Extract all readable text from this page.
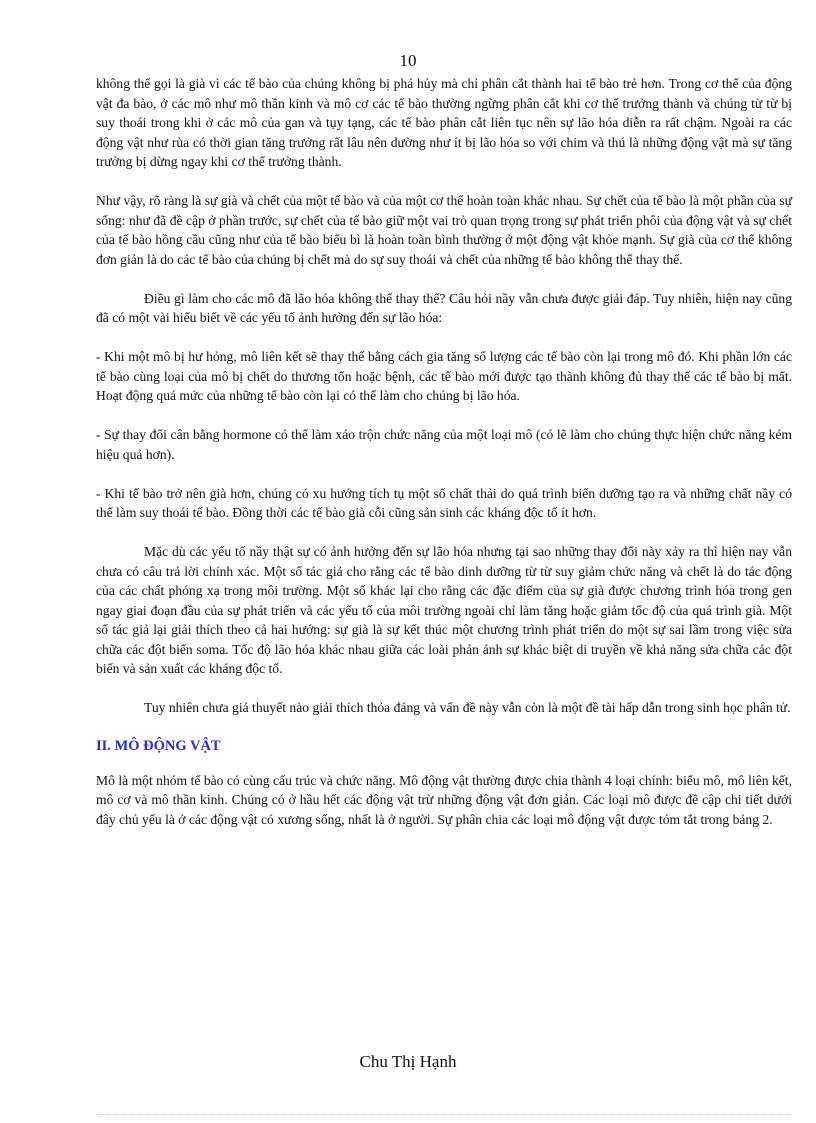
10

không thể gọi là già vì các tế bào của chúng không bị phá hủy mà chỉ phân cắt thành hai tế bào trẻ hơn. Trong cơ thể của động vật đa bào, ở các mô như mô thần kinh và mô cơ các tế bào thường ngừng phân cắt khi cơ thể trưởng thành và chúng từ từ bị suy thoái trong khi ở các mô của gan và tụy tạng, các tế bào phân cắt liên tục nên sự lão hóa diễn ra rất chậm. Ngoài ra các động vật như rùa có thời gian tăng trưởng rất lâu nên dường như ít bị lão hóa so với chim và thú là những động vật mà sự tăng trưởng bị dừng ngay khi cơ thể trưởng thành.

Như vậy, rõ ràng là sự già và chết của một tế bào và của một cơ thể hoàn toàn khác nhau. Sự chết của tế bào là một phần của sự sống: như đã đề cập ở phần trước, sự chết của tế bào giữ một vai trò quan trọng trong sự phát triển phôi của động vật và sự chết của tế bào hồng cầu cũng như của tế bào biểu bì là hoàn toàn bình thường ở một động vật khỏe mạnh. Sự già của cơ thể không đơn giản là do các tế bào của chúng bị chết mà do sự suy thoái và chết của những tế bào không thể thay thế.

Điều gì làm cho các mô đã lão hóa không thể thay thế? Câu hỏi nầy vẫn chưa được giải đáp. Tuy nhiên, hiện nay cũng đã có một vài hiểu biết về các yếu tố ảnh hưởng đến sự lão hóa:

- Khi một mô bị hư hỏng, mô liên kết sẽ thay thế bằng cách gia tăng số lượng các tế bào còn lại trong mô đó. Khi phần lớn các tế bào cùng loại của mô bị chết do thương tổn hoặc bệnh, các tế bào mới được tạo thành không đủ thay thế các tế bào bị mất. Hoạt động quá mức của những tế bào còn lại có thể làm cho chúng bị lão hóa.

- Sự thay đổi cân bằng hormone có thể làm xáo trộn chức năng của một loại mô (có lẽ làm cho chúng thực hiện chức năng kém hiệu quả hơn).

- Khi tế bào trở nên già hơn, chúng có xu hướng tích tụ một số chất thải do quá trình biến dưỡng tạo ra và những chất nầy có thể làm suy thoái tế bào. Đồng thời các tế bào già cỗi cũng sản sinh các kháng độc tố ít hơn.

Mặc dù các yếu tố nầy thật sự có ảnh hưởng đến sự lão hóa nhưng tại sao những thay đổi này xảy ra thì hiện nay vẫn chưa có câu trả lời chính xác. Một số tác giả cho rằng các tế bào dinh dưỡng từ từ suy giảm chức năng và chết là do tác động của các chất phóng xạ trong môi trường. Một số khác lại cho rằng các đặc điểm của sự già được chương trình hóa trong gen ngay giai đoạn đầu của sự phát triển và các yếu tố của môi trường ngoài chỉ làm tăng hoặc giảm tốc độ của quá trình già. Một số tác giả lại giải thích theo cả hai hướng: sự già là sự kết thúc một chương trình phát triển do một sự sai lầm trong việc sửa chữa các đột biến soma. Tốc độ lão hóa khác nhau giữa các loài phản ánh sự khác biệt di truyền về khả năng sửa chữa các đột biến và sản xuất các kháng độc tố.

Tuy nhiên chưa giả thuyết nào giải thích thỏa đáng và vấn đề này vẫn còn là một đề tài hấp dẫn trong sinh học phân tử.

II. MÔ ĐỘNG VẬT

Mô là một nhóm tế bào có cùng cấu trúc và chức năng. Mô động vật thường được chia thành 4 loại chính: biểu mô, mô liên kết, mô cơ và mô thần kinh. Chúng có ở hầu hết các động vật trừ những động vật đơn giản. Các loại mô được đề cập chi tiết dưới đây chủ yếu là ở các động vật có xương sống, nhất là ở người. Sự phân chia các loại mô động vật được tóm tắt trong bảng 2.

Chu Thị Hạnh
